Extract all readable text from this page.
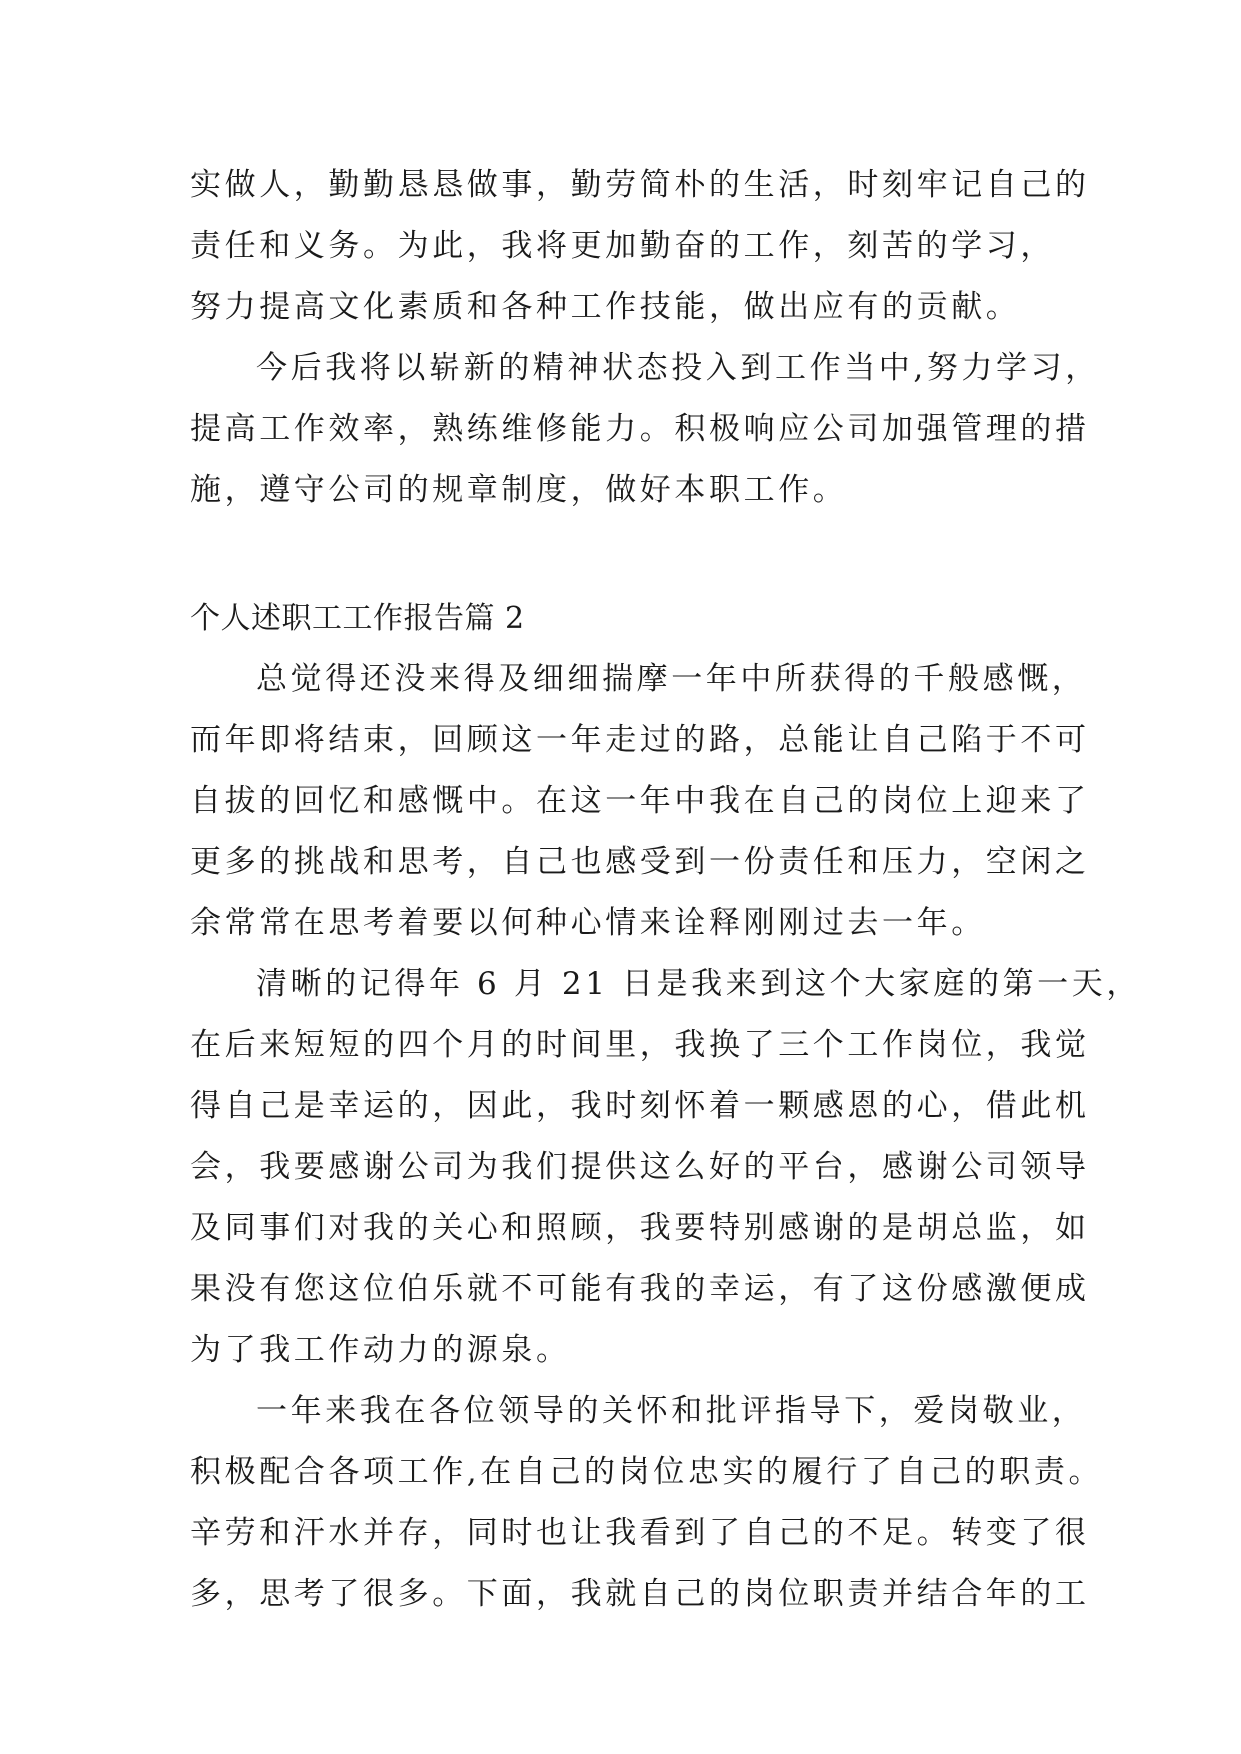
实做人，勤勤恳恳做事，勤劳简朴的生活，时刻牢记自己的
责任和义务。为此，我将更加勤奋的工作，刻苦的学习，
努力提高文化素质和各种工作技能，做出应有的贡献。
今后我将以崭新的精神状态投入到工作当中,努力学习，
提高工作效率，熟练维修能力。积极响应公司加强管理的措
施，遵守公司的规章制度，做好本职工作。
个人述职工工作报告篇 2
总觉得还没来得及细细揣摩一年中所获得的千般感慨，
而年即将结束，回顾这一年走过的路，总能让自己陷于不可
自拔的回忆和感慨中。在这一年中我在自己的岗位上迎来了
更多的挑战和思考，自己也感受到一份责任和压力，空闲之
余常常在思考着要以何种心情来诠释刚刚过去一年。
清晰的记得年 6 月 21 日是我来到这个大家庭的第一天，
在后来短短的四个月的时间里，我换了三个工作岗位，我觉
得自己是幸运的，因此，我时刻怀着一颗感恩的心，借此机
会，我要感谢公司为我们提供这么好的平台，感谢公司领导
及同事们对我的关心和照顾，我要特别感谢的是胡总监，如
果没有您这位伯乐就不可能有我的幸运，有了这份感激便成
为了我工作动力的源泉。
一年来我在各位领导的关怀和批评指导下，爱岗敬业，
积极配合各项工作,在自己的岗位忠实的履行了自己的职责。
辛劳和汗水并存，同时也让我看到了自己的不足。转变了很
多，思考了很多。下面，我就自己的岗位职责并结合年的工
